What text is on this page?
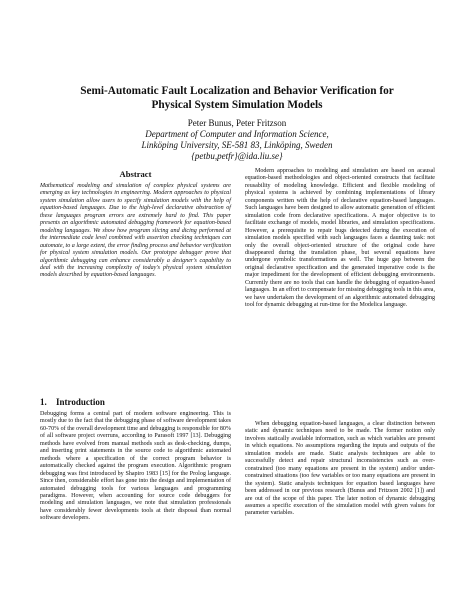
Semi-Automatic Fault Localization and Behavior Verification for
Physical System Simulation Models
Peter Bunus, Peter Fritzson
Department of Computer and Information Science,
Linköping University, SE-581 83, Linköping, Sweden
{petbu,petfr}@ida.liu.se}
Abstract

Mathematical modeling and simulation of complex physical systems are emerging as key technologies in engineering. Modern approaches to physical system simulation allow users to specify simulation models with the help of equation-based languages. Due to the high-level declarative abstraction of these languages program errors are extremely hard to find. This paper presents an algorithmic automated debugging framework for equation-based modeling languages. We show how program slicing and dicing performed at the intermediate code level combined with assertion checking techniques can automate, to a large extent, the error finding process and behavior verification for physical system simulation models. Our prototype debugger prove that algorithmic debugging can enhance considerably a designer's capability to deal with the increasing complexity of today's physical system simulation models described by equation-based languages.

1. Introduction

Debugging forms a central part of modern software engineering. This is mostly due to the fact that the debugging phase of software development takes 60-70% of the overall development time and debugging is responsible for 80% of all software project overruns, according to Parasoft 1997 [13]. Debugging methods have evolved from manual methods such as desk-checking, dumps, and inserting print statements in the source code to algorithmic automated methods where a specification of the correct program behavior is automatically checked against the program execution. Algorithmic program debugging was first introduced by Shapiro 1983 [15] for the Prolog language. Since then, considerable effort has gone into the design and implementation of automated debugging tools for various languages and programming paradigms. However, when accounting for source code debuggers for modeling and simulation languages, we note that simulation professionals have considerably fewer developments tools at their disposal than normal software developers.

Modern approaches to modeling and simulation are based on acausal equation-based methodologies and object-oriented constructs that facilitate reusability of modeling knowledge. Efficient and flexible modeling of physical systems is achieved by combining implementations of library components written with the help of declarative equation-based languages. Such languages have been designed to allow automatic generation of efficient simulation code from declarative specifications. A major objective is to facilitate exchange of models, model libraries, and simulation specifications. However, a prerequisite to repair bugs detected during the execution of simulation models specified with such languages faces a daunting task: not only the overall object-oriented structure of the original code have disappeared during the translation phase, but several equations have undergone symbolic transformations as well. The huge gap between the original declarative specification and the generated imperative code is the major impediment for the development of efficient debugging environments. Currently there are no tools that can handle the debugging of equation-based languages. In an effort to compensate for missing debugging tools in this area, we have undertaken the development of an algorithmic automated debugging tool for dynamic debugging at run-time for the Modelica language.

When debugging equation-based languages, a clear distinction between static and dynamic techniques need to be made. The former notion only involves statically available information, such as which variables are present in which equations. No assumptions regarding the inputs and outputs of the simulation models are made. Static analysis techniques are able to successfully detect and repair structural inconsistencies such as over-constrained (too many equations are present in the system) and/or under-constrained situations (too few variables or too many equations are present in the system). Static analysis techniques for equation based languages have been addressed in our previous research (Bunus and Fritzson 2002 [1]) and are out of the scope of this paper. The later notion of dynamic debugging assumes a specific execution of the simulation model with given values for parameter variables.
